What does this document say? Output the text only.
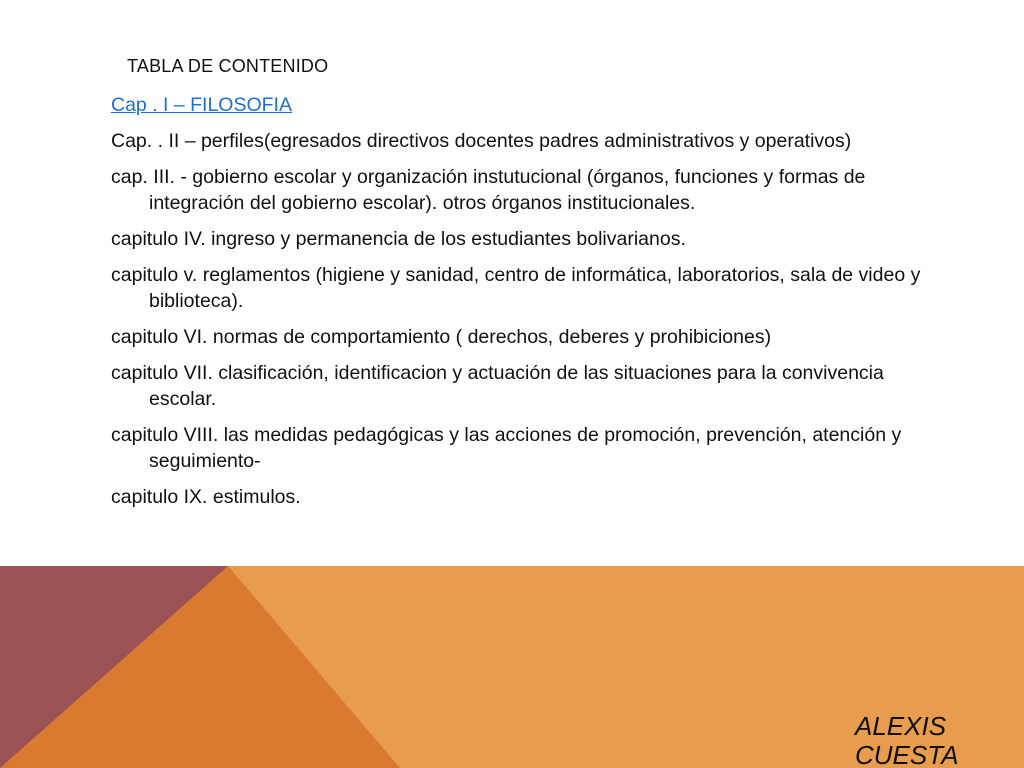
TABLA DE CONTENIDO
Cap . I – FILOSOFIA
Cap. . II – perfiles(egresados directivos docentes padres administrativos y operativos)
cap. III. - gobierno escolar y organización instutucional (órganos, funciones y formas de integración del gobierno escolar). otros órganos institucionales.
capitulo IV. ingreso y permanencia de los estudiantes bolivarianos.
capitulo v. reglamentos (higiene y sanidad, centro de informática, laboratorios, sala de video y biblioteca).
capitulo VI. normas de comportamiento ( derechos, deberes y prohibiciones)
capitulo VII. clasificación, identificacion y actuación de las situaciones para la convivencia escolar.
capitulo VIII. las medidas pedagógicas y las acciones de promoción, prevención, atención y seguimiento-
capitulo IX. estimulos.
ALEXIS CUESTA
